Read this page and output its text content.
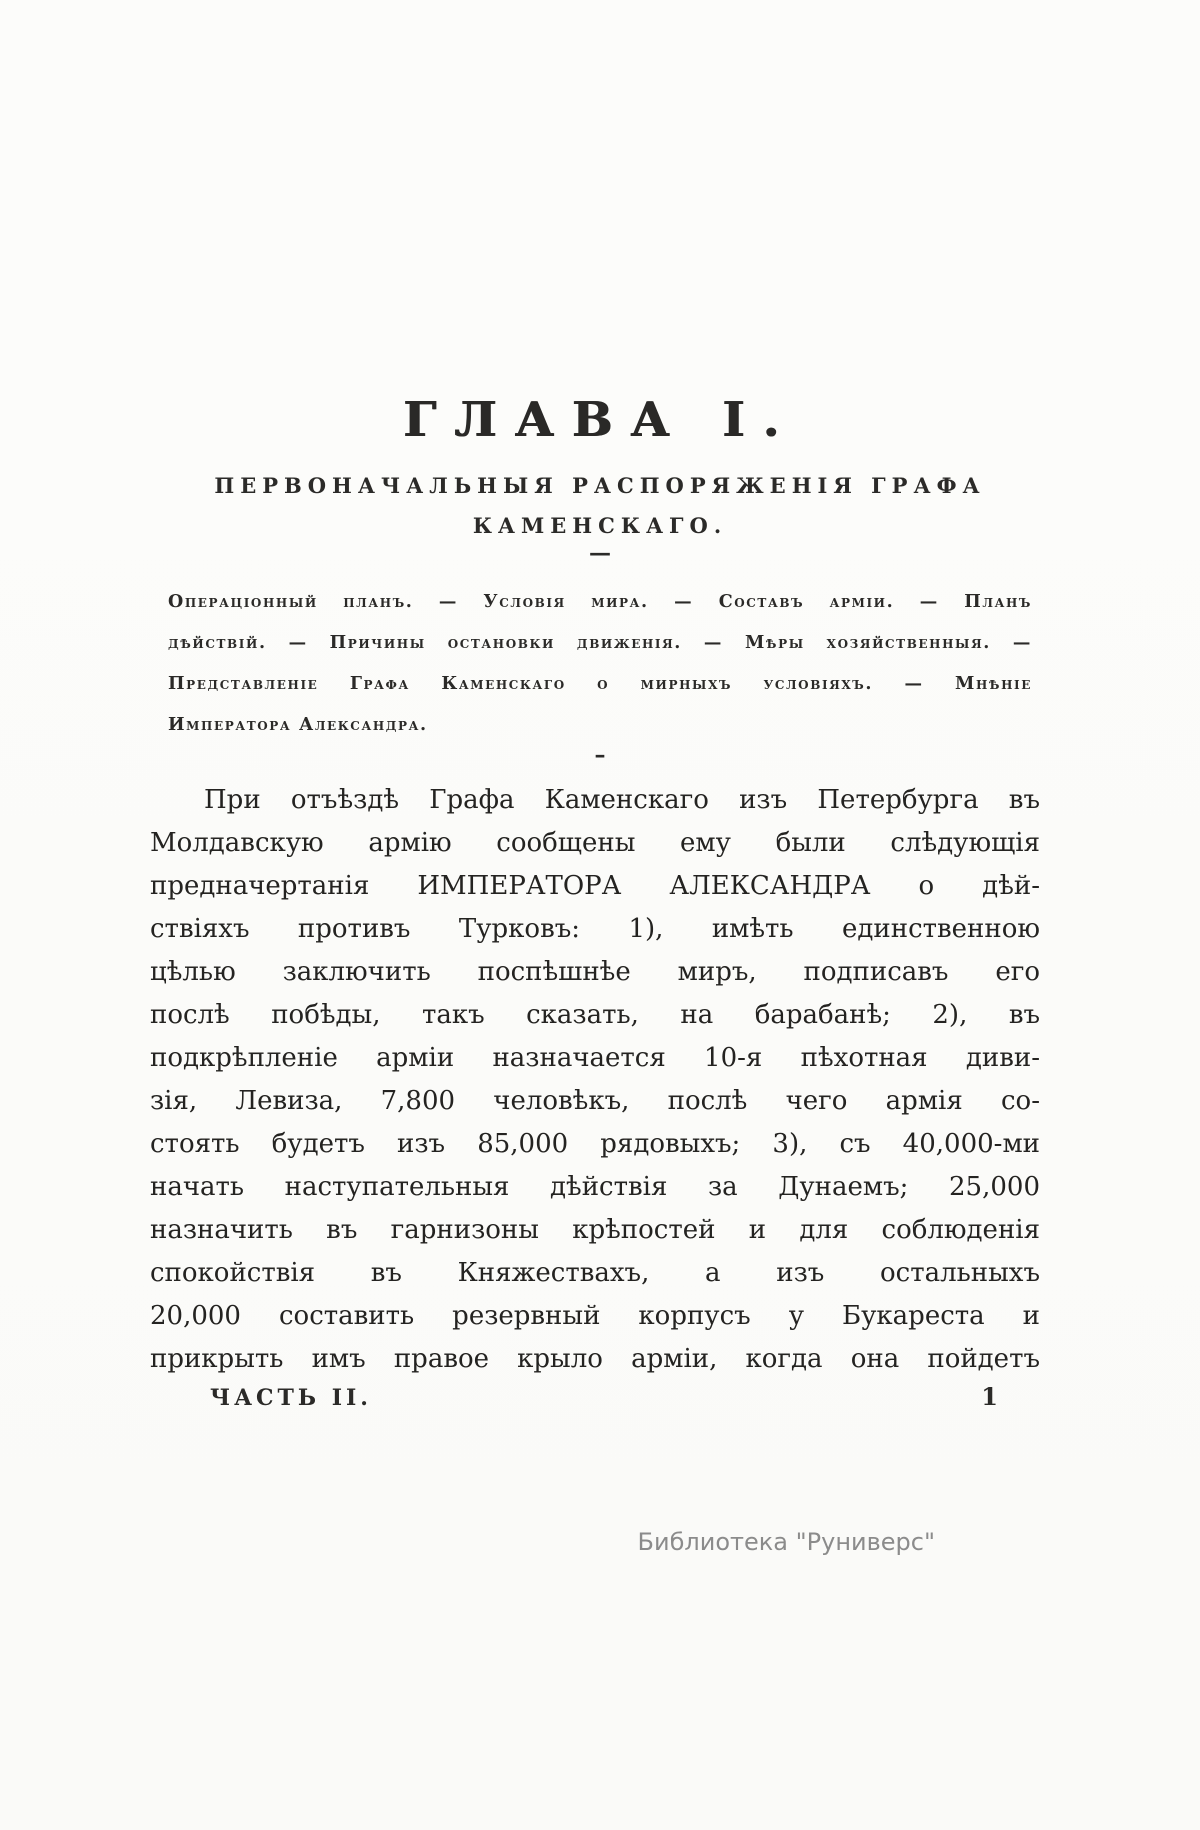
ГЛАВА I.
ПЕРВОНАЧАЛЬНЫЯ РАСПОРЯЖЕНІЯ ГРАФА
КАМЕНСКАГО.
—
Операціонный планъ. — Условія мира. — Составъ арміи. — Планъ
дѣйствій. — Причины остановки движенія. — Мѣры хозяйственныя. —
Представленіе Графа Каменскаго о мирныхъ условіяхъ. — Мнѣніе
Императора Александра.
–
При отъѣздѣ Графа Каменскаго изъ Петербурга въ
Молдавскую армію сообщены ему были слѣдующія
предначертанія ИМПЕРАТОРА АЛЕКСАНДРА о дѣй-
ствіяхъ противъ Турковъ: 1), имѣть единственною
цѣлью заключить поспѣшнѣе миръ, подписавъ его
послѣ побѣды, такъ сказать, на барабанѣ; 2), въ
подкрѣпленіе арміи назначается 10-я пѣхотная диви-
зія, Левиза, 7,800 человѣкъ, послѣ чего армія со-
стоять будетъ изъ 85,000 рядовыхъ; 3), съ 40,000-ми
начать наступательныя дѣйствія за Дунаемъ; 25,000
назначить въ гарнизоны крѣпостей и для соблюденія
спокойствія въ Княжествахъ, а изъ остальныхъ
20,000 составить резервный корпусъ у Букареста и
прикрыть имъ правое крыло арміи, когда она пойдетъ
ЧАСТЬ II.	1
Библиотека "Руниверс"
